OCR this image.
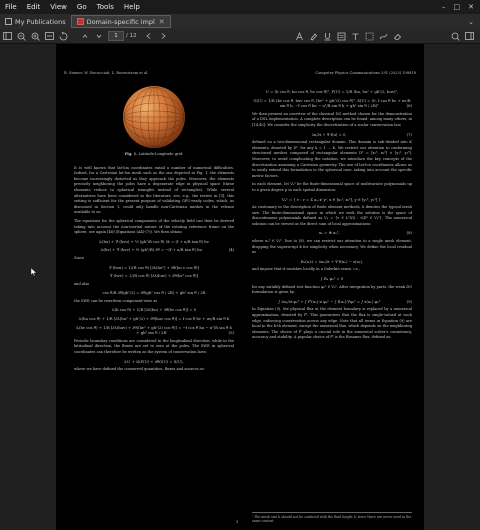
File	Edit	View	Go	Tools	Help	– □ ✕
My Publications	Domain-specific impl ✕	⌄
1	/ 12
R. Stemer, W. Discacciati, L. Rosenstrom et al.	Computer Physics Communications 291 (2023) 108818
Fig. 1. Latitude-Longitude grid.

It is well known that lat-lon coordinates entail a number of numerical difficulties. Indeed, for a Cartesian lat-lon mesh such as the one depicted in Fig. 1, the elements become increasingly distorted as they approach the poles. Moreover, the elements precisely neighboring the poles have a degenerate edge in physical space (these elements reduce to spherical triangles instead of rectangles). While several alternatives have been considered in the literature, see, e.g., the review in [5], this setting is sufficient for the present purpose of validating GPU-ready codes, which, as discussed in Section 1, could only handle non-Cartesian meshes in the release available to us.

The equations for the spherical components of the velocity field can then be derived taking into account the non-inertial nature of the rotating reference frame on the sphere, see again [46] (Equations (A4)-(7)). We then obtain

∂ₜ(hu) + ∇·(hvu) + ½ (gh²/R cos θ) ∂λ = (f + u/R tan θ) hv
∂ₜ(hv) + ∇·(hvv) + ½ (gh²/R) ∂θ = −(f + u/R tan θ) hu	(4)

Since

∇·(hvu) = 1/(R cos θ) [∂λ(hu²) + ∂θ(hu v cos θ)]
∇·(hvv) = 1/(R cos θ) [∂λ(huv) + ∂θ(hv² cos θ)]

and also

cos θ/R ∂θ(gh²/2) = ∂θ(gh² cos θ / 2R) + gh² sin θ / 2R

the SWE can be rewritten component-wise as

∂ₜ(h cos θ) + 1/R [∂λ(hu) + ∂θ(hv cos θ)] = 0
∂ₜ(hu cos θ) + 1/R [∂λ(hu² + gh²/2) + ∂θ(huv cos θ)] = f cos θ hv + uv/R sin θ h
∂ₜ(hv cos θ) + 1/R [∂λ(huv) + ∂θ((hv² + gh²/2) cos θ)] = −f cos θ hu − u²/R sin θ h + gh² sin θ / 2R	(5)

Periodic boundary conditions are considered in the longitudinal direction, while in the latitudinal direction, the fluxes are set to zero at the poles. The SWE in spherical coordinates can therefore be written as the system of conservation laws:

∂ₜU + ∂λF(U) + ∂θG(U) = S(U),

where we have defined the conserved quantities, fluxes and sources as:

U = (h cos θ, hu cos θ, hv cos θ)ᵀ, F(U) = 1/R (hu, hu² + gh²/2, huv)ᵀ,
G(U) = 1/R (hv cos θ, huv cos θ, (hv² + gh²/2) cos θ)ᵀ, S(U) = (0, f cos θ hv + uv/R sin θ h, −f cos θ hu − u²/R sin θ h + gh² sin θ / 2R)ᵀ	(6)

We then present an overview of the classical DG method chosen for the demonstration of a DSL implementation. A complete description can be found, among many others, in [14,45]. We consider the simplicity the discretization of a scalar conservation law,

∂u/∂t + ∇·f(u) = 0,	(7)

defined on a two-dimensional rectangular domain. This domain is sub-divided into K elements, denoted by Dᵏ, for any k = 1 … K. We restrict our attention to conforming structured meshes composed of rectangular elements Dᵏ = [x₁ᵏ, x₂ᵏ] × [y₁ᵏ, y₂ᵏ]. Moreover, to avoid complicating the notation, we introduce the key concepts of the discretization assuming a Cartesian geometry. The use of lat-lon coordinates allows us to easily extend this formulation to the spherical case, taking into account the specific metric factors.

In each element, let Vₕᵏ be the finite-dimensional space of multivariate polynomials up to a given degree p in each spatial dimension:

Vₕᵏ = { v : v = Σ aᵢⱼ xⁱ yʲ, x ∈ [x₁ᵏ, x₂ᵏ], y ∈ [y₁ᵏ, y₂ᵏ] }.

As customary in the description of finite element methods, h denotes the typical mesh size. The finite-dimensional space in which we seek the solution is the space of discontinuous polynomials defined as Vₕ = {v ∈ L²(Ω) : v|Dᵏ ∈ Vₕᵏ}. The numerical solution can be viewed as the direct sum of local approximations:

uₕ = ⊕ uₕᵏ,	(8)

where uₕᵏ ∈ Vₕᵏ. Due to (8), we can restrict our attention to a single mesh element, dropping the superscript k for simplicity when necessary. We define the local residual as

Rₕ(x,t) = ∂uₕ/∂t + ∇·f(uₕ) − s(uₕ),

and impose that it vanishes locally in a Galerkin sense, i.e.,

∫ Rₕ φₕᵏ = 0

for any suitably defined test function φₕᵏ ∈ Vₕᵏ. After integration by parts, the weak DG formulation is given by:

∫ ∂uₕ/∂t φₕᵏ + ∫ f*(uₕ)·n φₕᵏ − ∫ f(uₕ)·∇φₕᵏ = ∫ s(uₕ) φₕᵏ	(9)

In Equation (9), the physical flux at the element boundary is replaced by a numerical approximation, denoted by f*. This guarantees that the flux is single-valued at each edge, enforcing conservation across any edge. Note that all terms in Equation (9) are local to the k-th element, except the numerical flux, which depends on the neighboring elements. The choice of f* plays a crucial role in the numerical solver's consistency, accuracy and stability. A popular choice of f* is the Rusanov flux, defined as:

¹ The mesh size h should not be confused with the fluid height h, since there are never used in the same context.
3
